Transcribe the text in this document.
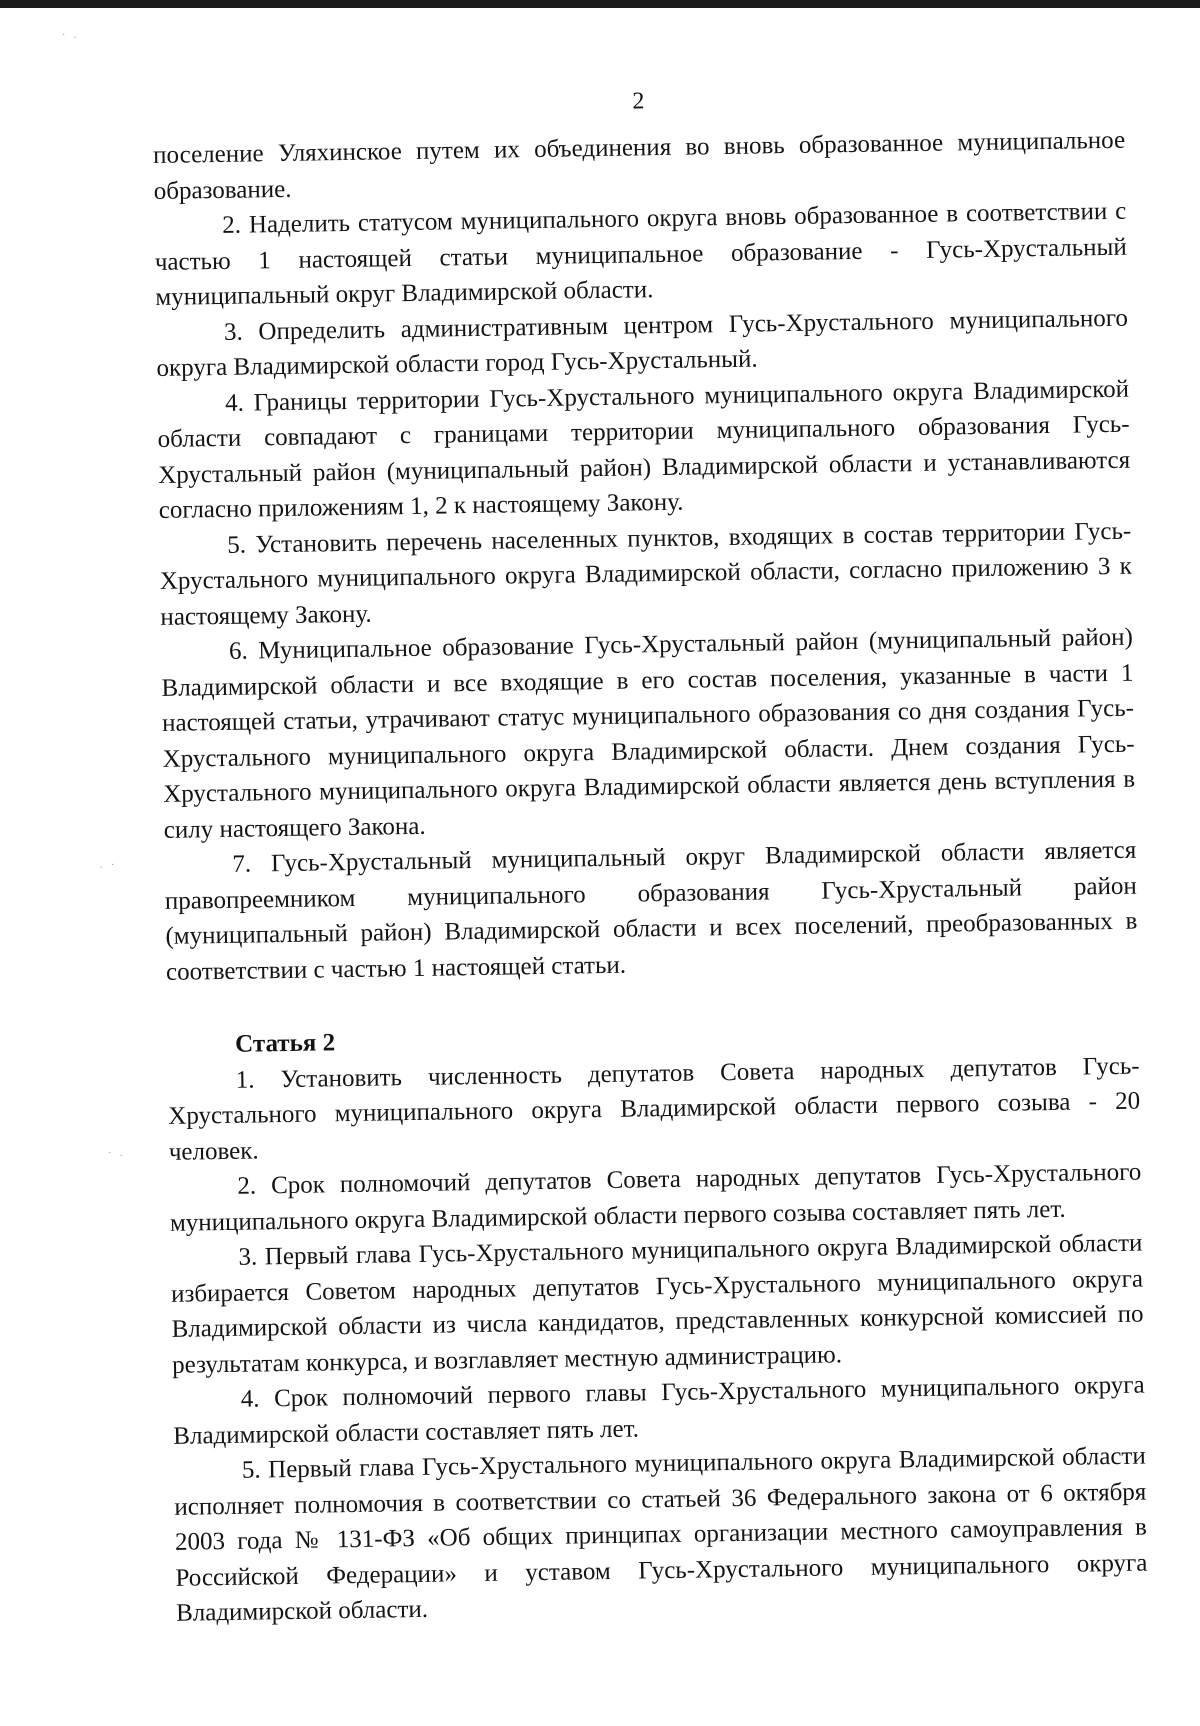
2

поселение Уляхинское путем их объединения во вновь образованное муниципальное образование.

2. Наделить статусом муниципального округа вновь образованное в соответствии с частью 1 настоящей статьи муниципальное образование - Гусь-Хрустальный муниципальный округ Владимирской области.

3. Определить административным центром Гусь-Хрустального муниципального округа Владимирской области город Гусь-Хрустальный.

4. Границы территории Гусь-Хрустального муниципального округа Владимирской области совпадают с границами территории муниципального образования Гусь-Хрустальный район (муниципальный район) Владимирской области и устанавливаются согласно приложениям 1, 2 к настоящему Закону.

5. Установить перечень населенных пунктов, входящих в состав территории Гусь-Хрустального муниципального округа Владимирской области, согласно приложению 3 к настоящему Закону.

6. Муниципальное образование Гусь-Хрустальный район (муниципальный район) Владимирской области и все входящие в его состав поселения, указанные в части 1 настоящей статьи, утрачивают статус муниципального образования со дня создания Гусь-Хрустального муниципального округа Владимирской области. Днем создания Гусь-Хрустального муниципального округа Владимирской области является день вступления в силу настоящего Закона.

7. Гусь-Хрустальный муниципальный округ Владимирской области является правопреемником муниципального образования Гусь-Хрустальный район (муниципальный район) Владимирской области и всех поселений, преобразованных в соответствии с частью 1 настоящей статьи.

Статья 2

1. Установить численность депутатов Совета народных депутатов Гусь-Хрустального муниципального округа Владимирской области первого созыва - 20 человек.

2. Срок полномочий депутатов Совета народных депутатов Гусь-Хрустального муниципального округа Владимирской области первого созыва составляет пять лет.

3. Первый глава Гусь-Хрустального муниципального округа Владимирской области избирается Советом народных депутатов Гусь-Хрустального муниципального округа Владимирской области из числа кандидатов, представленных конкурсной комиссией по результатам конкурса, и возглавляет местную администрацию.

4. Срок полномочий первого главы Гусь-Хрустального муниципального округа Владимирской области составляет пять лет.

5. Первый глава Гусь-Хрустального муниципального округа Владимирской области исполняет полномочия в соответствии со статьей 36 Федерального закона от 6 октября 2003 года № 131-ФЗ «Об общих принципах организации местного самоуправления в Российской Федерации» и уставом Гусь-Хрустального муниципального округа Владимирской области.

· .
. ·
· .
